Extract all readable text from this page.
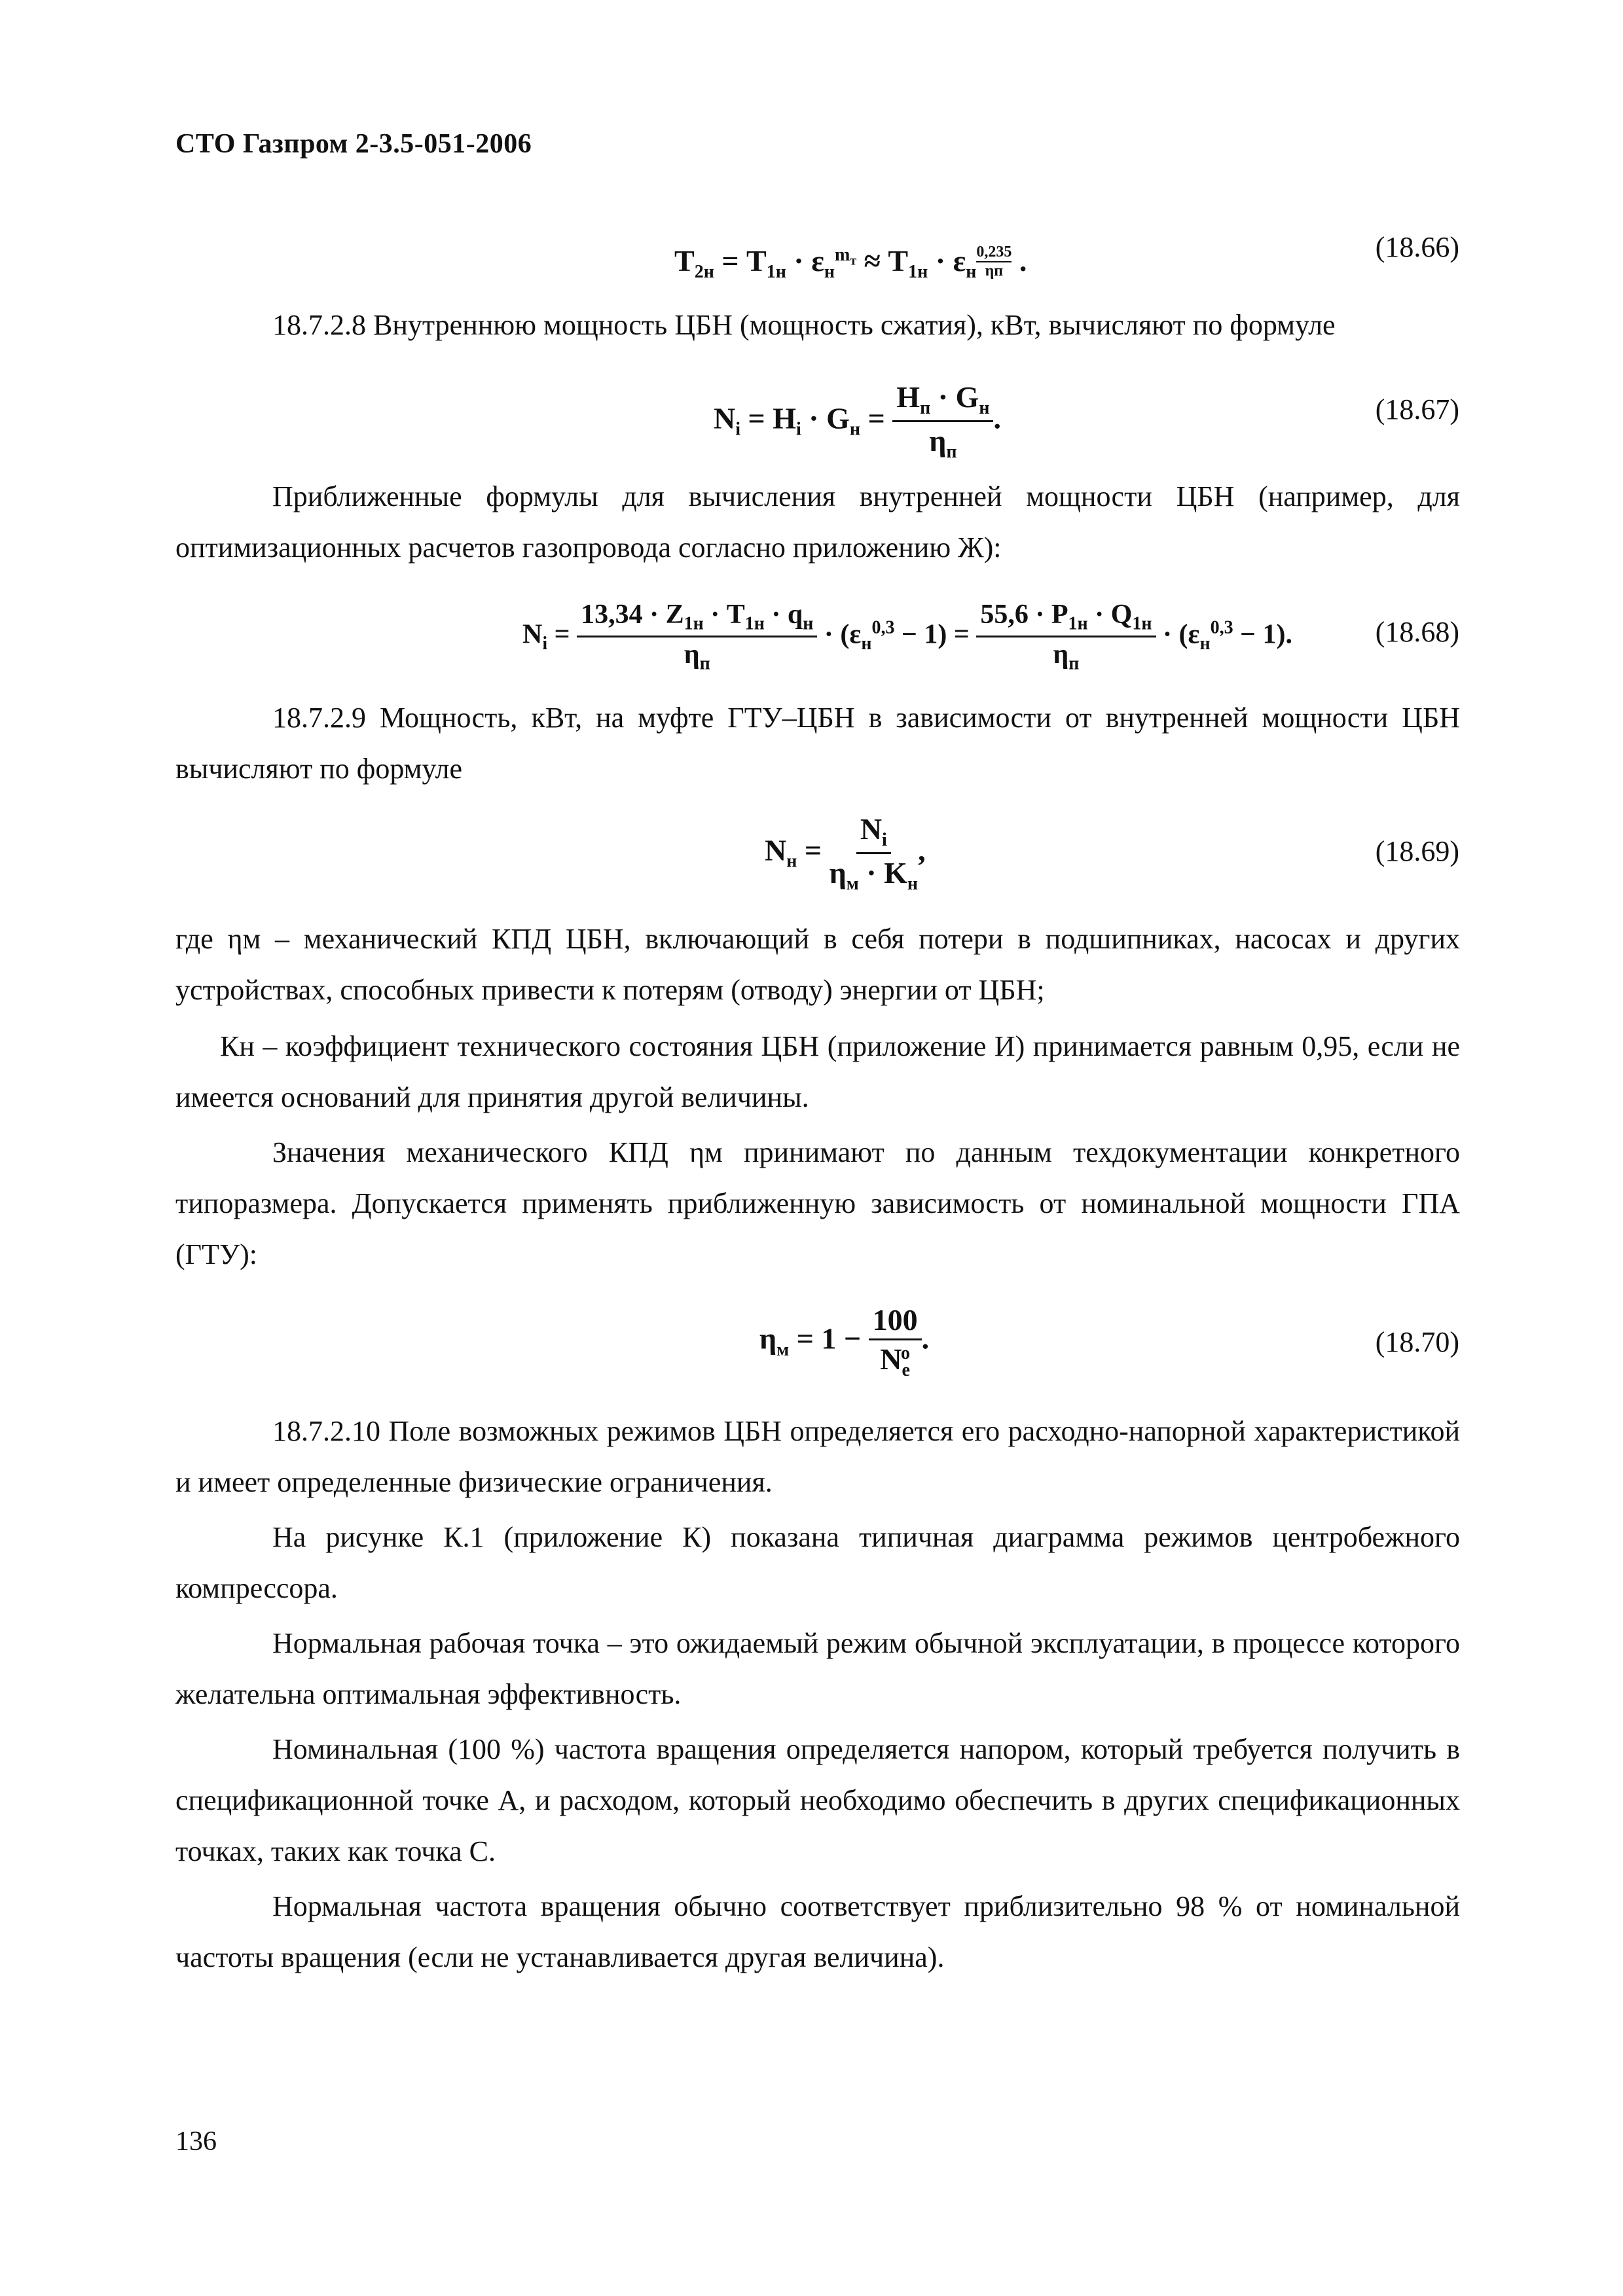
СТО Газпром 2-3.5-051-2006
$T_{2н} = T_{1н} \cdot \varepsilon_н^{m_т} \approx T_{1н} \cdot \varepsilon_н$
0,235
ηп .	(18.66)

18.7.2.8 Внутреннюю мощность ЦБН (мощность сжатия), кВт, вычисляют по формуле

$N_i = H_i \cdot G_н = \frac{H_п \cdot G_н}{\eta_п}$ .	(18.67)

Приближенные формулы для вычисления внутренней мощности ЦБН (например, для оптимизационных расчетов газопровода согласно приложению Ж):

$N_i = \frac{13,34 \cdot Z_{1н} \cdot T_{1н} \cdot q_н}{\eta_п} \cdot (\varepsilon_н^{0,3} - 1) = \frac{55,6 \cdot P_{1н} \cdot Q_{1н}}{\eta_п} \cdot (\varepsilon_н^{0,3} - 1)$.	(18.68)

18.7.2.9 Мощность, кВт, на муфте ГТУ–ЦБН в зависимости от внутренней мощности ЦБН вычисляют по формуле

$N_н = \frac{N_i}{\eta_м \cdot K_н}$ ,	(18.69)

где ηм – механический КПД ЦБН, включающий в себя потери в подшипниках, насосах и других устройствах, способных привести к потерям (отводу) энергии от ЦБН;

Кн – коэффициент технического состояния ЦБН (приложение И) принимается равным 0,95, если не имеется оснований для принятия другой величины.

Значения механического КПД ηм принимают по данным техдокументации конкретного типоразмера. Допускается применять приближенную зависимость от номинальной мощности ГПА (ГТУ):

$\eta_м = 1 - \frac{100}{N_e^o}$ .	(18.70)

18.7.2.10 Поле возможных режимов ЦБН определяется его расходно-напорной характеристикой и имеет определенные физические ограничения.

На рисунке К.1 (приложение К) показана типичная диаграмма режимов центробежного компрессора.

Нормальная рабочая точка – это ожидаемый режим обычной эксплуатации, в процессе которого желательна оптимальная эффективность.

Номинальная (100 %) частота вращения определяется напором, который требуется получить в спецификационной точке А, и расходом, который необходимо обеспечить в других спецификационных точках, таких как точка С.

Нормальная частота вращения обычно соответствует приблизительно 98 % от номинальной частоты вращения (если не устанавливается другая величина).

136
